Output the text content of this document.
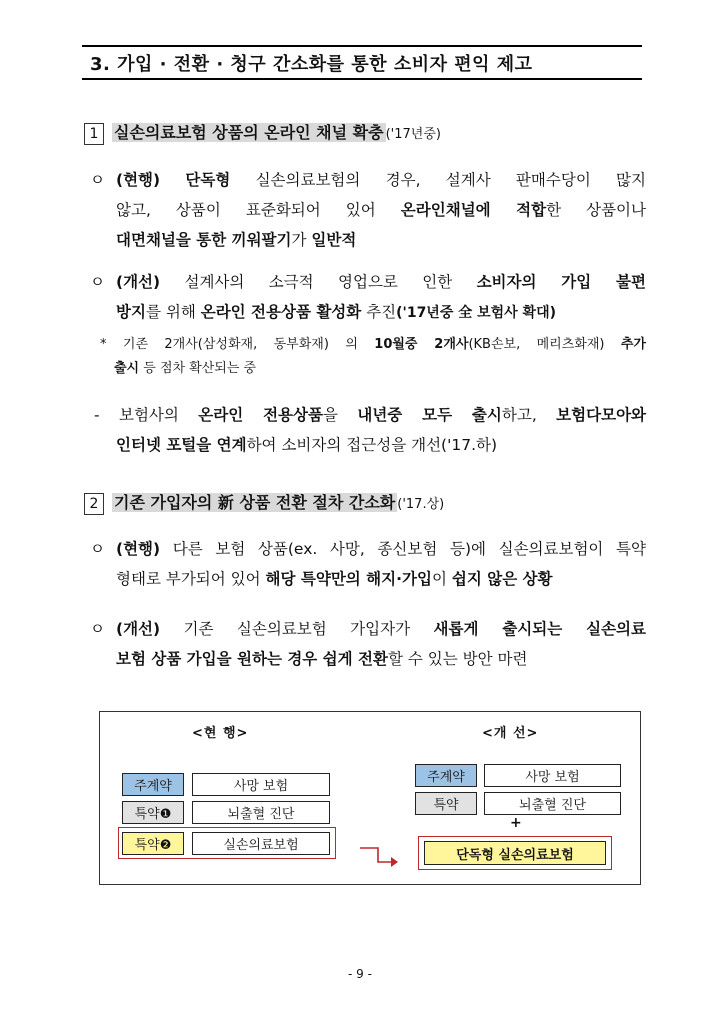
3. 가입 · 전환 · 청구 간소화를 통한 소비자 편익 제고
1 실손의료보험 상품의 온라인 채널 확충 ('17년중)
ㅇ (현행) 단독형 실손의료보험의 경우, 설계사 판매수당이 많지
않고, 상품이 표준화되어 있어 온라인채널에 적합한 상품이나
대면채널을 통한 끼워팔기가 일반적
ㅇ (개선) 설계사의 소극적 영업으로 인한 소비자의 가입 불편
방지를 위해 온라인 전용상품 활성화 추진('17년중 全 보험사 확대)
* 기존 2개사(삼성화재, 동부화재) 의 10월중 2개사(KB손보, 메리츠화재) 추가
출시 등 점차 확산되는 중
- 보험사의 온라인 전용상품을 내년중 모두 출시하고, 보험다모아와
인터넷 포털을 연계하여 소비자의 접근성을 개선('17.하)
2 기존 가입자의 新 상품 전환 절차 간소화 ('17.상)
ㅇ (현행) 다른 보험 상품(ex. 사망, 종신보험 등)에 실손의료보험이 특약
형태로 부가되어 있어 해당 특약만의 해지·가입이 쉽지 않은 상황
ㅇ (개선) 기존 실손의료보험 가입자가 새롭게 출시되는 실손의료
보험 상품 가입을 원하는 경우 쉽게 전환할 수 있는 방안 마련
<현 행>	<개 선>
주계약	사망 보험
특약❶	뇌출혈 진단
특약❷	실손의료보험
주계약	사망 보험
특약	뇌출혈 진단
+
단독형 실손의료보험
- 9 -
